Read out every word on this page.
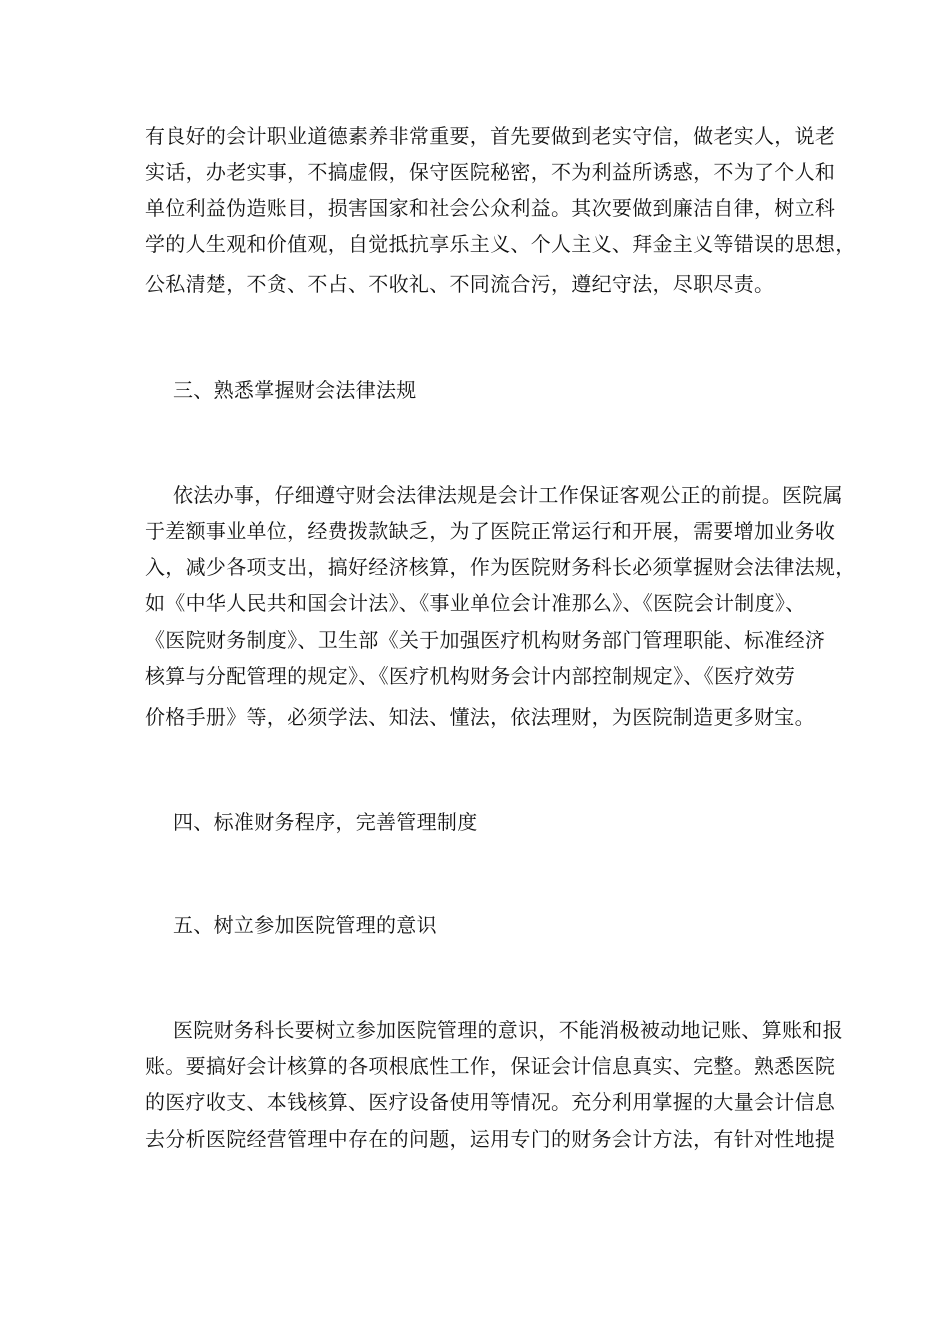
有良好的会计职业道德素养非常重要，首先要做到老实守信，做老实人，说老
实话，办老实事，不搞虚假，保守医院秘密，不为利益所诱惑，不为了个人和
单位利益伪造账目，损害国家和社会公众利益。其次要做到廉洁自律，树立科
学的人生观和价值观，自觉抵抗享乐主义、个人主义、拜金主义等错误的思想，
公私清楚，不贪、不占、不收礼、不同流合污，遵纪守法，尽职尽责。
三、熟悉掌握财会法律法规
依法办事，仔细遵守财会法律法规是会计工作保证客观公正的前提。医院属
于差额事业单位，经费拨款缺乏，为了医院正常运行和开展，需要增加业务收
入，减少各项支出，搞好经济核算，作为医院财务科长必须掌握财会法律法规，
如《中华人民共和国会计法》、《事业单位会计准那么》、《医院会计制度》、
《医院财务制度》、卫生部《关于加强医疗机构财务部门管理职能、标准经济
核算与分配管理的规定》、《医疗机构财务会计内部控制规定》、《医疗效劳
价格手册》等，必须学法、知法、懂法，依法理财，为医院制造更多财宝。
四、标准财务程序，完善管理制度
五、树立参加医院管理的意识
医院财务科长要树立参加医院管理的意识，不能消极被动地记账、算账和报
账。要搞好会计核算的各项根底性工作，保证会计信息真实、完整。熟悉医院
的医疗收支、本钱核算、医疗设备使用等情况。充分利用掌握的大量会计信息
去分析医院经营管理中存在的问题，运用专门的财务会计方法，有针对性地提
